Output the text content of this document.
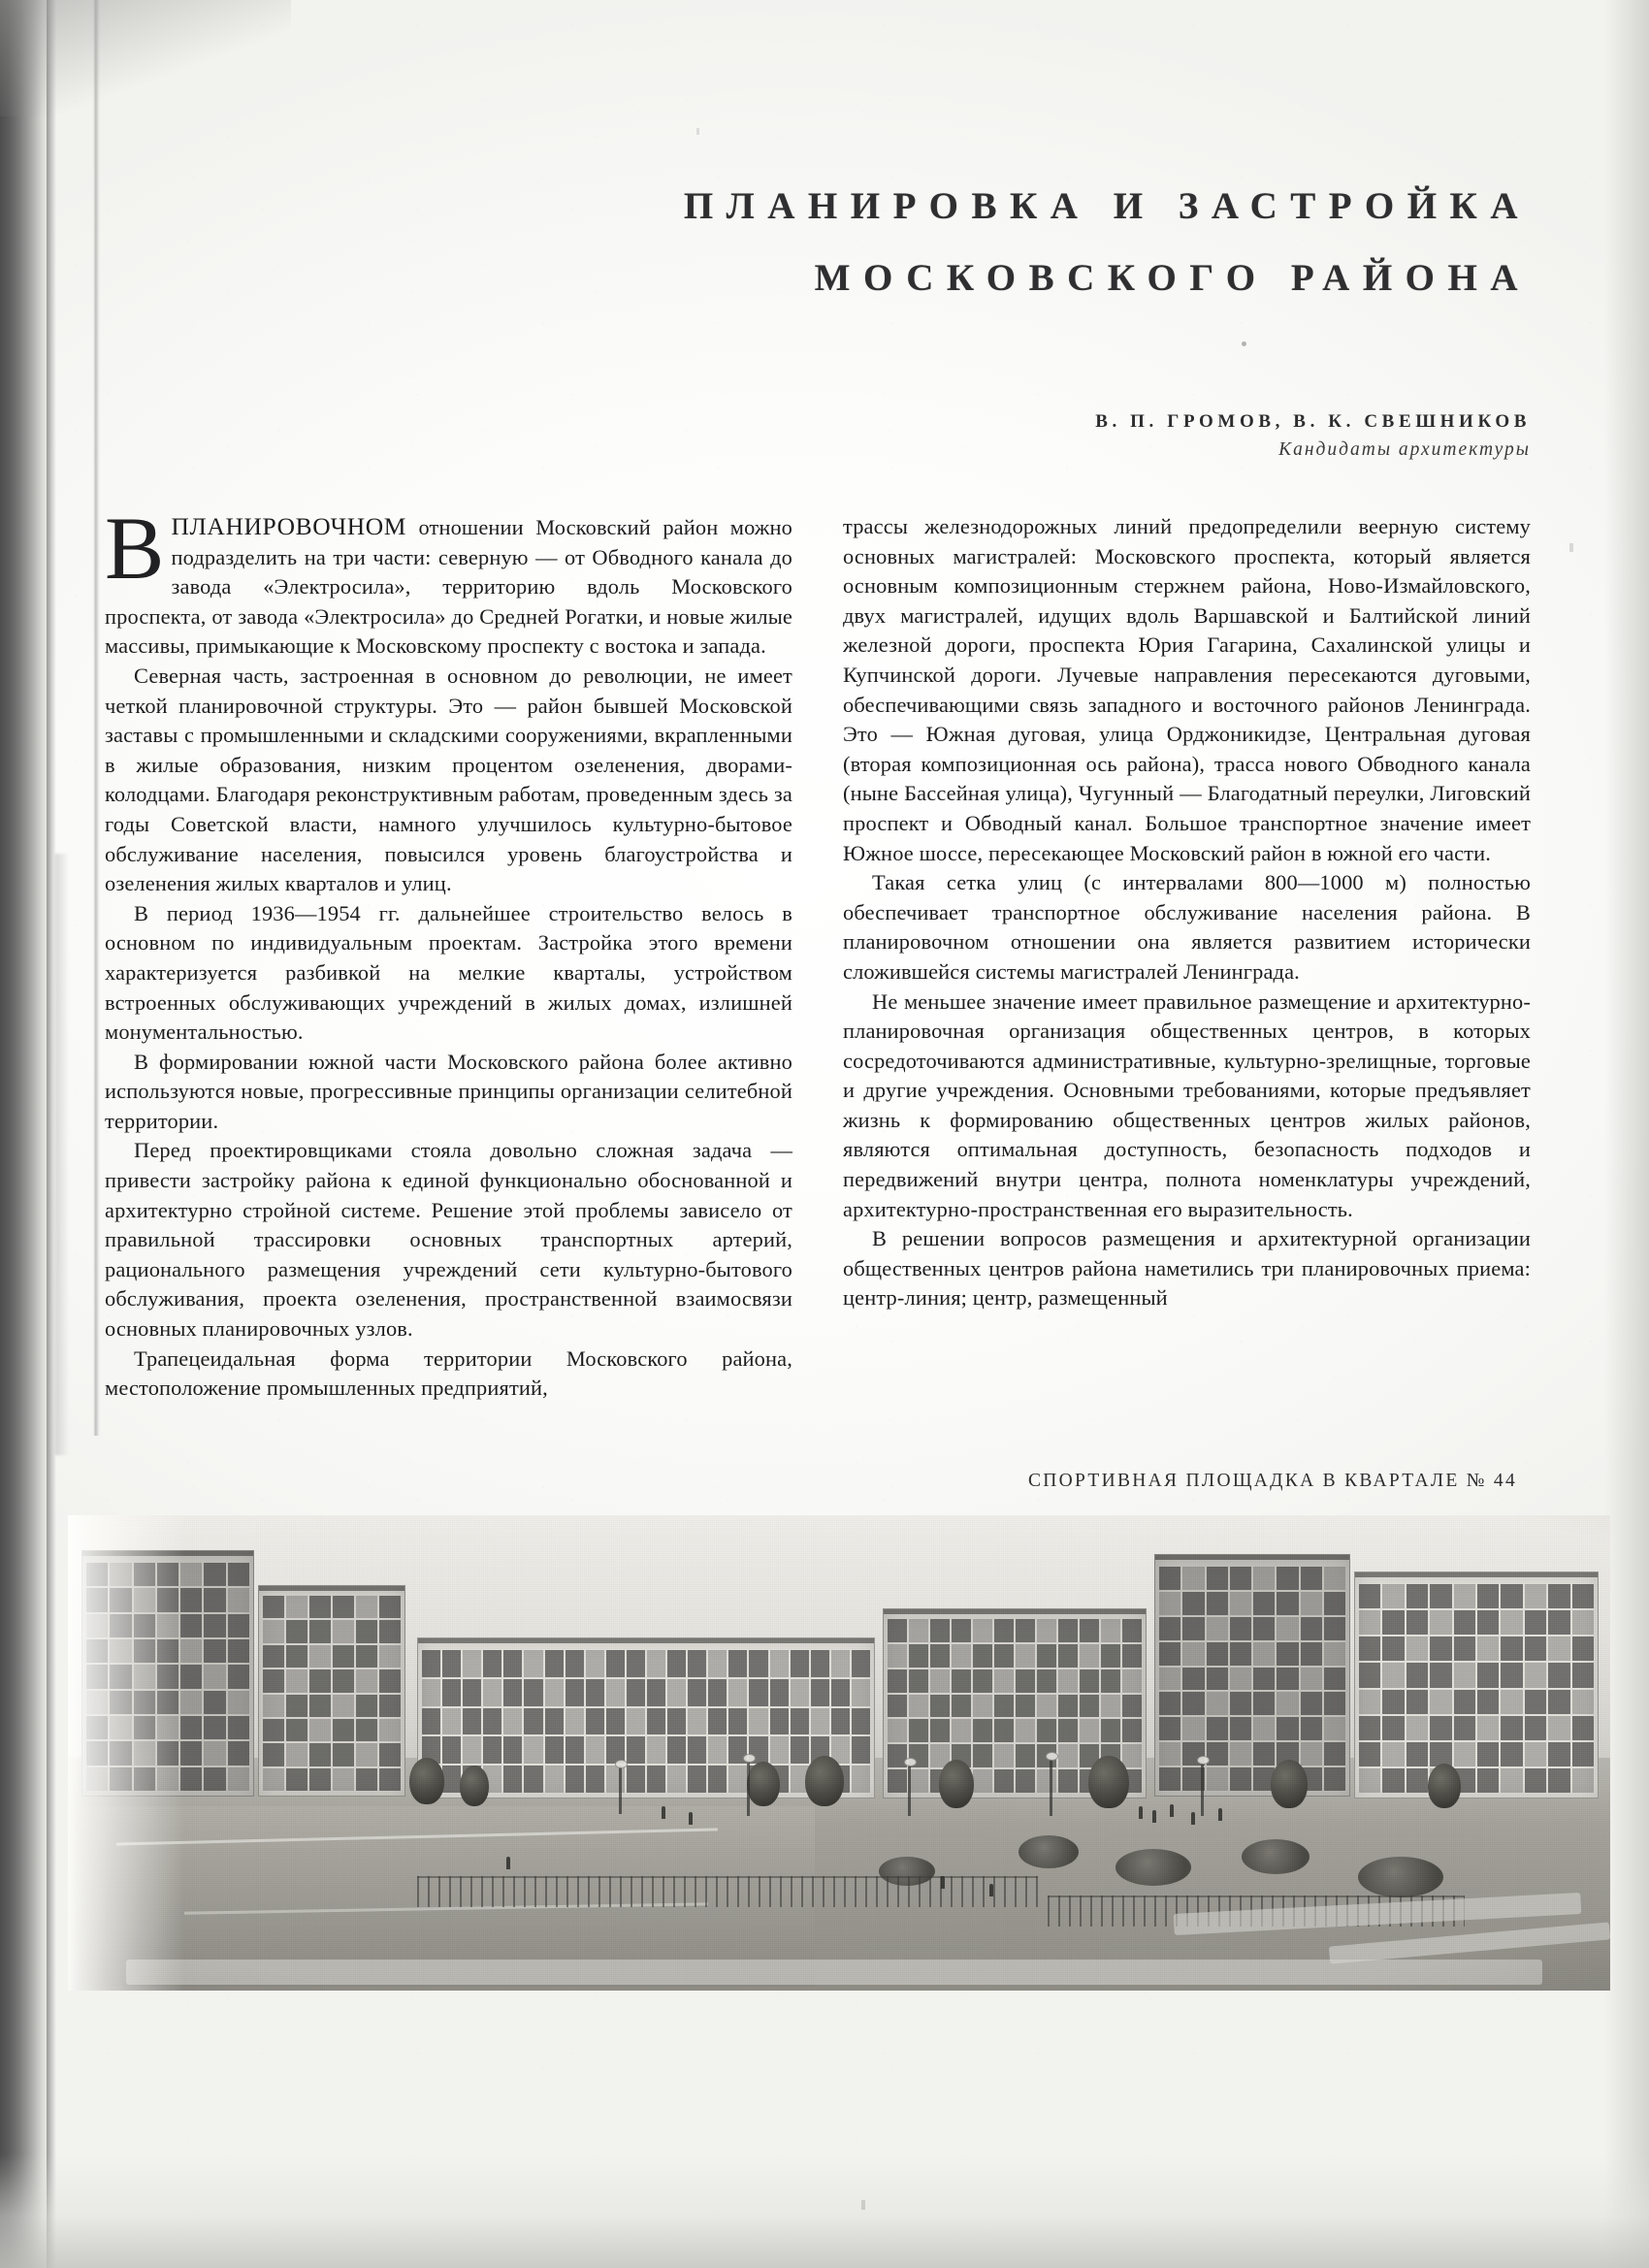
ПЛАНИРОВКА И ЗАСТРОЙКА
МОСКОВСКОГО РАЙОНА
В. П. ГРОМОВ, В. К. СВЕШНИКОВ
Кандидаты архитектуры

ВПЛАНИРОВОЧНОМ отношении Московский район можно подразделить на три части: северную — от Обводного канала до завода «Электросила», территорию вдоль Московского проспекта, от завода «Электросила» до Средней Рогатки, и новые жилые массивы, примыкающие к Московскому проспекту с востока и запада.

Северная часть, застроенная в основном до революции, не имеет четкой планировочной структуры. Это — район бывшей Московской заставы с промышленными и складскими сооружениями, вкрапленными в жилые образования, низким процентом озеленения, дворами-колодцами. Благодаря реконструктивным работам, проведенным здесь за годы Советской власти, намного улучшилось культурно-бытовое обслуживание населения, повысился уровень благоустройства и озеленения жилых кварталов и улиц.

В период 1936—1954 гг. дальнейшее строительство велось в основном по индивидуальным проектам. Застройка этого времени характеризуется разбивкой на мелкие кварталы, устройством встроенных обслуживающих учреждений в жилых домах, излишней монументальностью.

В формировании южной части Московского района более активно используются новые, прогрессивные принципы организации селитебной территории.

Перед проектировщиками стояла довольно сложная задача — привести застройку района к единой функционально обоснованной и архитектурно стройной системе. Решение этой проблемы зависело от правильной трассировки основных транспортных артерий, рационального размещения учреждений сети культурно-бытового обслуживания, проекта озеленения, пространственной взаимосвязи основных планировочных узлов.

Трапецеидальная форма территории Московского района, местоположение промышленных предприятий,

трассы железнодорожных линий предопределили веерную систему основных магистралей: Московского проспекта, который является основным композиционным стержнем района, Ново-Измайловского, двух магистралей, идущих вдоль Варшавской и Балтийской линий железной дороги, проспекта Юрия Гагарина, Сахалинской улицы и Купчинской дороги. Лучевые направления пересекаются дуговыми, обеспечивающими связь западного и восточного районов Ленинграда. Это — Южная дуговая, улица Орджоникидзе, Центральная дуговая (вторая композиционная ось района), трасса нового Обводного канала (ныне Бассейная улица), Чугунный — Благодатный переулки, Лиговский проспект и Обводный канал. Большое транспортное значение имеет Южное шоссе, пересекающее Московский район в южной его части.

Такая сетка улиц (с интервалами 800—1000 м) полностью обеспечивает транспортное обслуживание населения района. В планировочном отношении она является развитием исторически сложившейся системы магистралей Ленинграда.

Не меньшее значение имеет правильное размещение и архитектурно-планировочная организация общественных центров, в которых сосредоточиваются административные, культурно-зрелищные, торговые и другие учреждения. Основными требованиями, которые предъявляет жизнь к формированию общественных центров жилых районов, являются оптимальная доступность, безопасность подходов и передвижений внутри центра, полнота номенклатуры учреждений, архитектурно-пространственная его выразительность.

В решении вопросов размещения и архитектурной организации общественных центров района наметились три планировочных приема: центр-линия; центр, размещенный

СПОРТИВНАЯ ПЛОЩАДКА В КВАРТАЛЕ № 44
